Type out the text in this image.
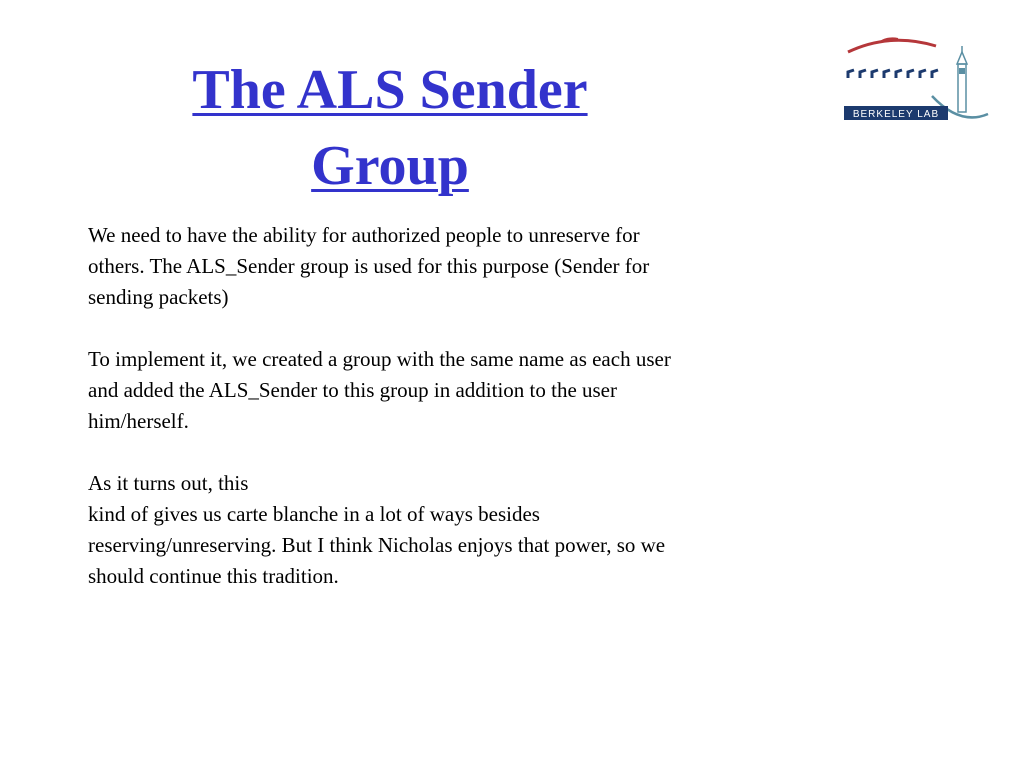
The ALS Sender
Group
BERKELEY LAB

We need to have the ability for authorized people to unreserve for
others. The ALS_Sender group is used for this purpose (Sender for
sending packets)

To implement it, we created a group with the same name as each user
and added the ALS_Sender to this group in addition to the user
him/herself.

As it turns out, this
kind of gives us carte blanche in a lot of ways besides
reserving/unreserving. But I think Nicholas enjoys that power, so we
should continue this tradition.
